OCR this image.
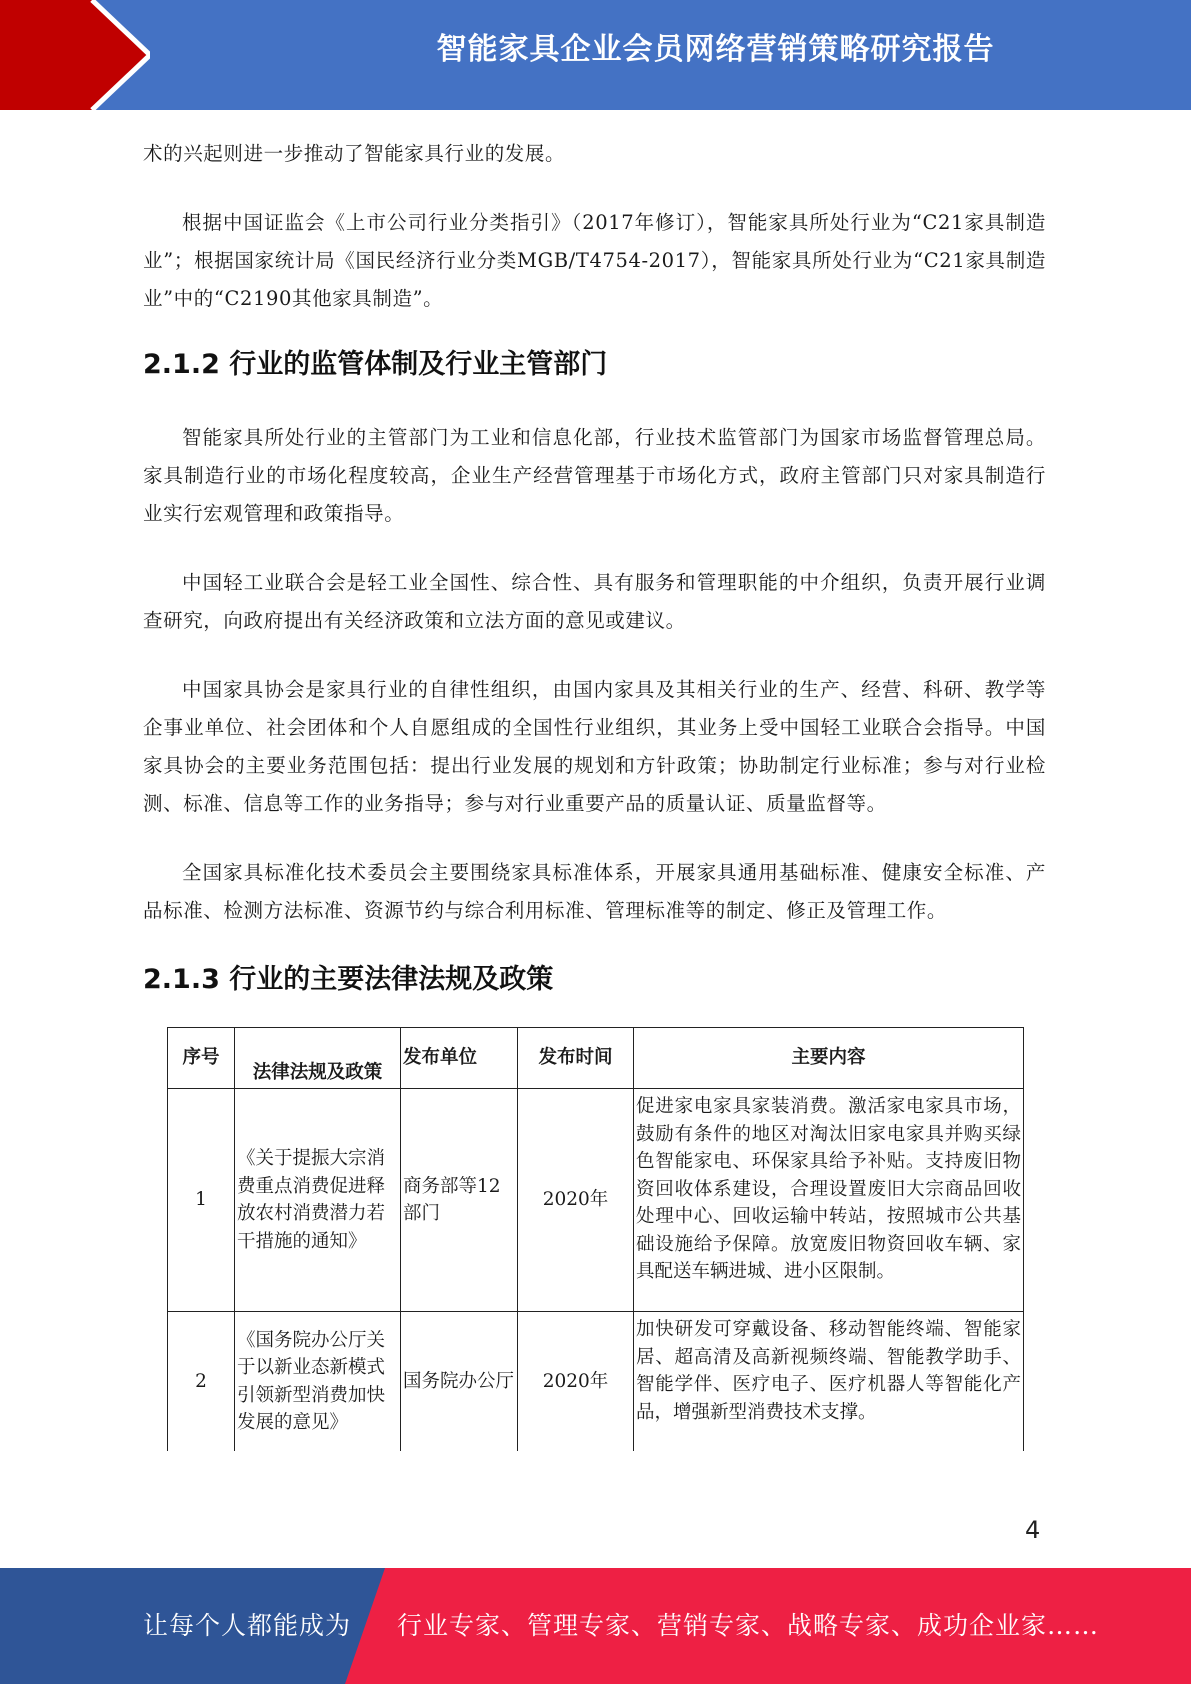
智能家具企业会员网络营销策略研究报告
术的兴起则进一步推动了智能家具行业的发展。
根据中国证监会《上市公司行业分类指引》（2017年修订），智能家具所处行业为“C21家具制造业”；根据国家统计局《国民经济行业分类MGB/T4754-2017），智能家具所处行业为“C21家具制造业”中的“C2190其他家具制造”。
2.1.2 行业的监管体制及行业主管部门
智能家具所处行业的主管部门为工业和信息化部，行业技术监管部门为国家市场监督管理总局。家具制造行业的市场化程度较高，企业生产经营管理基于市场化方式，政府主管部门只对家具制造行业实行宏观管理和政策指导。
中国轻工业联合会是轻工业全国性、综合性、具有服务和管理职能的中介组织，负责开展行业调查研究，向政府提出有关经济政策和立法方面的意见或建议。
中国家具协会是家具行业的自律性组织，由国内家具及其相关行业的生产、经营、科研、教学等企事业单位、社会团体和个人自愿组成的全国性行业组织，其业务上受中国轻工业联合会指导。中国家具协会的主要业务范围包括：提出行业发展的规划和方针政策；协助制定行业标准；参与对行业检测、标准、信息等工作的业务指导；参与对行业重要产品的质量认证、质量监督等。
全国家具标准化技术委员会主要围绕家具标准体系，开展家具通用基础标准、健康安全标准、产品标准、检测方法标准、资源节约与综合利用标准、管理标准等的制定、修正及管理工作。
2.1.3 行业的主要法律法规及政策
序号	法律法规及政策	发布单位	发布时间	主要内容
1	《关于提振大宗消费重点消费促进释放农村消费潜力若干措施的通知》	商务部等12部门	2020年	促进家电家具家装消费。激活家电家具市场，鼓励有条件的地区对淘汰旧家电家具并购买绿色智能家电、环保家具给予补贴。支持废旧物资回收体系建设，合理设置废旧大宗商品回收处理中心、回收运输中转站，按照城市公共基础设施给予保障。放宽废旧物资回收车辆、家具配送车辆进城、进小区限制。
2	《国务院办公厅关于以新业态新模式引领新型消费加快发展的意见》	国务院办公厅	2020年	加快研发可穿戴设备、移动智能终端、智能家居、超高清及高新视频终端、智能教学助手、智能学伴、医疗电子、医疗机器人等智能化产品，增强新型消费技术支撑。
4
让每个人都能成为 行业专家、管理专家、营销专家、战略专家、成功企业家……
